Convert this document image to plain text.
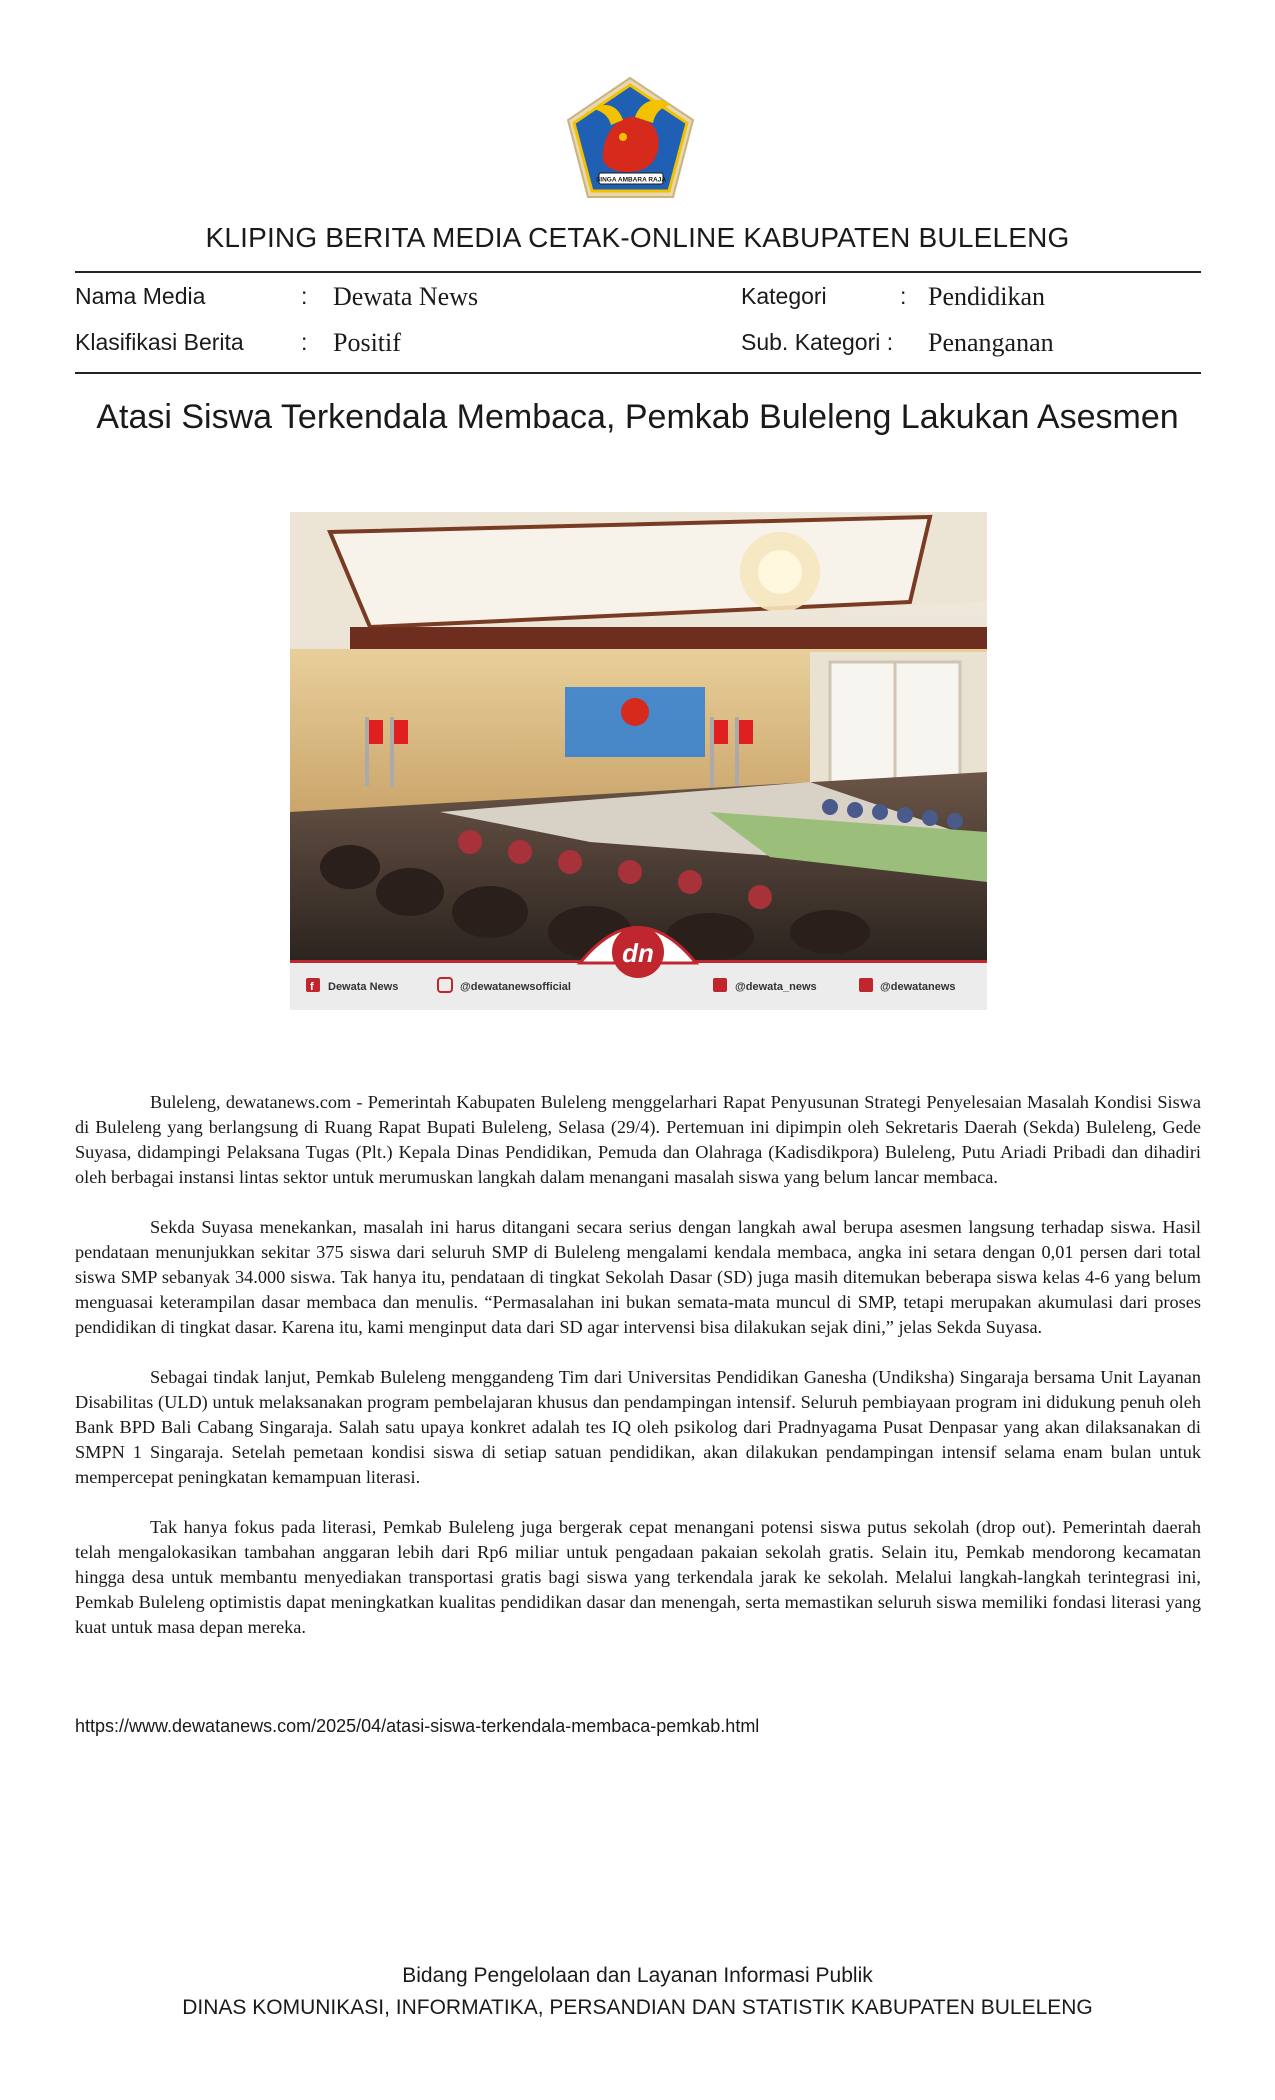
SINGA AMBARA RAJA
KLIPING BERITA MEDIA CETAK-ONLINE KABUPATEN BULELENG
Nama Media	: Dewata News
Klasifikasi Berita : Positif
Kategori	: Pendidikan
Sub. Kategori : Penanganan
Atasi Siswa Terkendala Membaca, Pemkab Buleleng Lakukan Asesmen
dn
f Dewata News	@dewatanewsofficial	@dewata_news	@dewatanews

Buleleng, dewatanews.com - Pemerintah Kabupaten Buleleng menggelarhari Rapat Penyusunan Strategi Penyelesaian Masalah Kondisi Siswa di Buleleng yang berlangsung di Ruang Rapat Bupati Buleleng, Selasa (29/4). Pertemuan ini dipimpin oleh Sekretaris Daerah (Sekda) Buleleng, Gede Suyasa, didampingi Pelaksana Tugas (Plt.) Kepala Dinas Pendidikan, Pemuda dan Olahraga (Kadisdikpora) Buleleng, Putu Ariadi Pribadi dan dihadiri oleh berbagai instansi lintas sektor untuk merumuskan langkah dalam menangani masalah siswa yang belum lancar membaca.

Sekda Suyasa menekankan, masalah ini harus ditangani secara serius dengan langkah awal berupa asesmen langsung terhadap siswa. Hasil pendataan menunjukkan sekitar 375 siswa dari seluruh SMP di Buleleng mengalami kendala membaca, angka ini setara dengan 0,01 persen dari total siswa SMP sebanyak 34.000 siswa. Tak hanya itu, pendataan di tingkat Sekolah Dasar (SD) juga masih ditemukan beberapa siswa kelas 4-6 yang belum menguasai keterampilan dasar membaca dan menulis. “Permasalahan ini bukan semata-mata muncul di SMP, tetapi merupakan akumulasi dari proses pendidikan di tingkat dasar. Karena itu, kami menginput data dari SD agar intervensi bisa dilakukan sejak dini,” jelas Sekda Suyasa.

Sebagai tindak lanjut, Pemkab Buleleng menggandeng Tim dari Universitas Pendidikan Ganesha (Undiksha) Singaraja bersama Unit Layanan Disabilitas (ULD) untuk melaksanakan program pembelajaran khusus dan pendampingan intensif. Seluruh pembiayaan program ini didukung penuh oleh Bank BPD Bali Cabang Singaraja. Salah satu upaya konkret adalah tes IQ oleh psikolog dari Pradnyagama Pusat Denpasar yang akan dilaksanakan di SMPN 1 Singaraja. Setelah pemetaan kondisi siswa di setiap satuan pendidikan, akan dilakukan pendampingan intensif selama enam bulan untuk mempercepat peningkatan kemampuan literasi.

Tak hanya fokus pada literasi, Pemkab Buleleng juga bergerak cepat menangani potensi siswa putus sekolah (drop out). Pemerintah daerah telah mengalokasikan tambahan anggaran lebih dari Rp6 miliar untuk pengadaan pakaian sekolah gratis. Selain itu, Pemkab mendorong kecamatan hingga desa untuk membantu menyediakan transportasi gratis bagi siswa yang terkendala jarak ke sekolah. Melalui langkah-langkah terintegrasi ini, Pemkab Buleleng optimistis dapat meningkatkan kualitas pendidikan dasar dan menengah, serta memastikan seluruh siswa memiliki fondasi literasi yang kuat untuk masa depan mereka.

https://www.dewatanews.com/2025/04/atasi-siswa-terkendala-membaca-pemkab.html
Bidang Pengelolaan dan Layanan Informasi Publik
DINAS KOMUNIKASI, INFORMATIKA, PERSANDIAN DAN STATISTIK KABUPATEN BULELENG
